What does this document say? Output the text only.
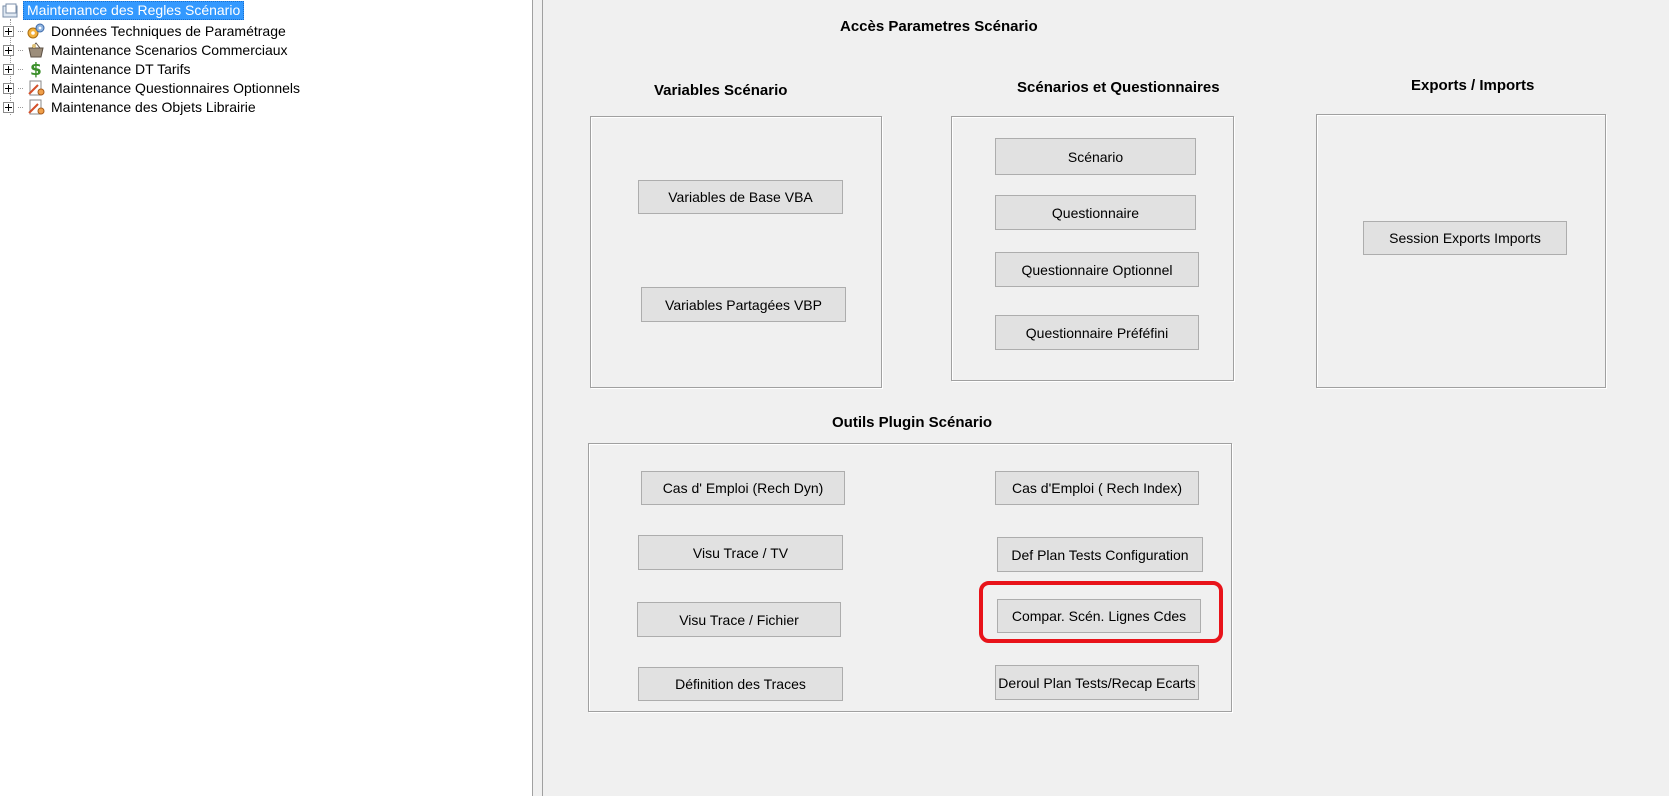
Maintenance des Regles Scénario
Données Techniques de Paramétrage
Maintenance Scenarios Commerciaux
$ Maintenance DT Tarifs
Maintenance Questionnaires Optionnels
Maintenance des Objets Librairie
Accès Parametres Scénario
Variables Scénario
Variables de Base VBA
Variables Partagées VBP
Scénarios et Questionnaires
Scénario
Questionnaire
Questionnaire Optionnel
Questionnaire Préféfini
Exports / Imports
Session Exports Imports
Outils Plugin Scénario
Cas d' Emploi (Rech Dyn)
Visu Trace / TV
Visu Trace / Fichier
Définition des Traces
Cas d'Emploi ( Rech Index)
Def Plan Tests Configuration
Compar. Scén. Lignes Cdes
Deroul Plan Tests/Recap Ecarts
